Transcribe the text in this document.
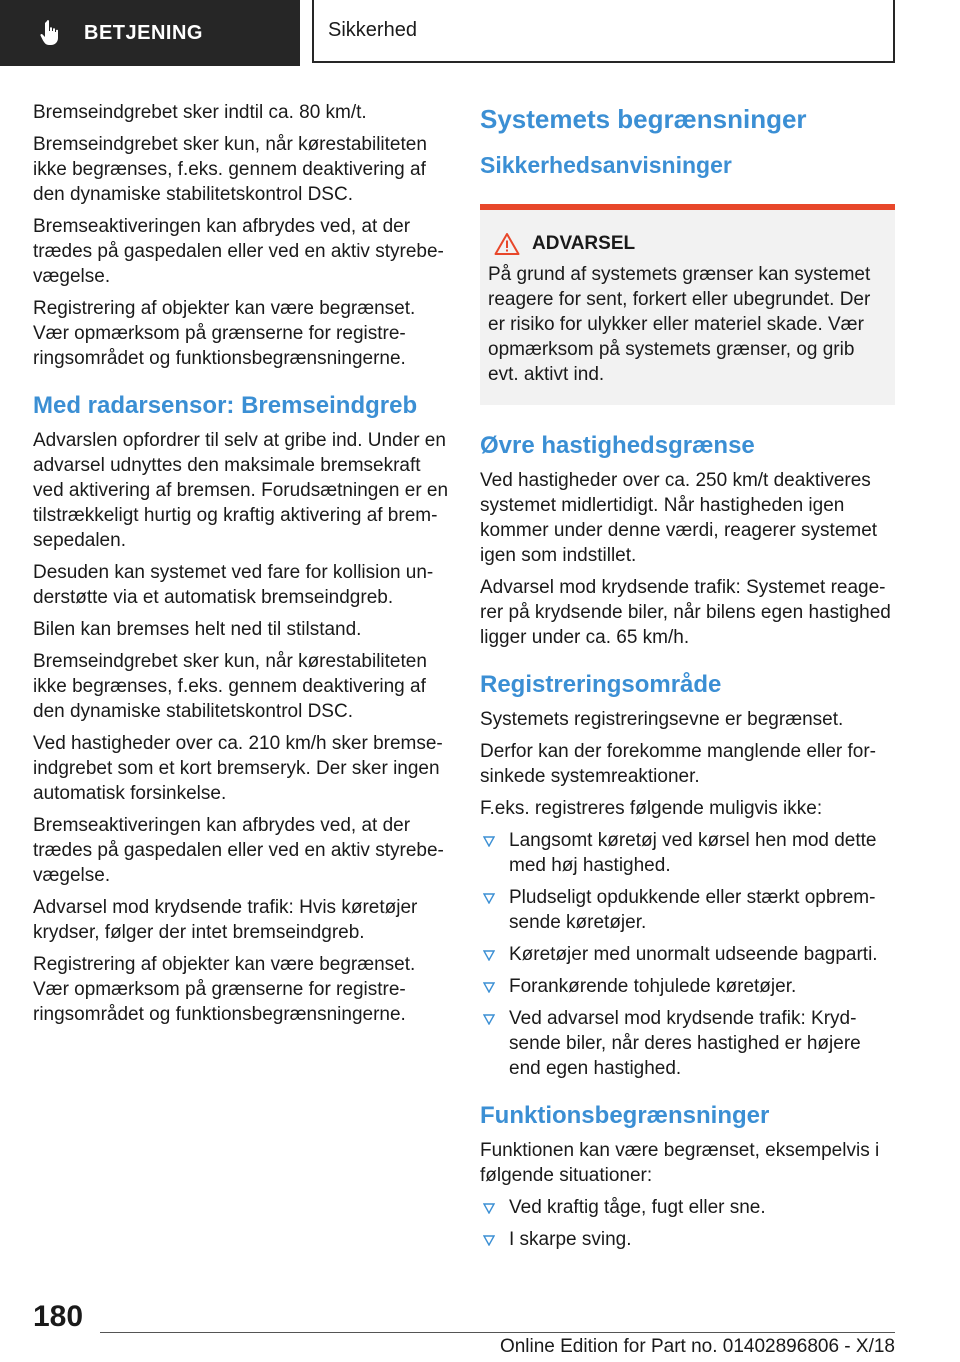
BETJENING	Sikkerhed

Bremseindgrebet sker indtil ca. 80 km/t.

Bremseindgrebet sker kun, når kørestabiliteten ikke begrænses, f.eks. gennem deaktivering af den dynamiske stabilitetskontrol DSC.

Bremseaktiveringen kan afbrydes ved, at der trædes på gaspedalen eller ved en aktiv styrebe‐vægelse.

Registrering af objekter kan være begrænset. Vær opmærksom på grænserne for registre‐ringsområdet og funktionsbegrænsningerne.

Med radarsensor: Bremseindgreb

Advarslen opfordrer til selv at gribe ind. Under en advarsel udnyttes den maksimale bremsekraft ved aktivering af bremsen. Forudsætningen er en tilstrækkeligt hurtig og kraftig aktivering af brem‐sepedalen.

Desuden kan systemet ved fare for kollision un‐derstøtte via et automatisk bremseindgreb.

Bilen kan bremses helt ned til stilstand.

Bremseindgrebet sker kun, når kørestabiliteten ikke begrænses, f.eks. gennem deaktivering af den dynamiske stabilitetskontrol DSC.

Ved hastigheder over ca. 210 km/h sker bremse‐indgrebet som et kort bremseryk. Der sker ingen automatisk forsinkelse.

Bremseaktiveringen kan afbrydes ved, at der trædes på gaspedalen eller ved en aktiv styrebe‐vægelse.

Advarsel mod krydsende trafik: Hvis køretøjer krydser, følger der intet bremseindgreb.

Registrering af objekter kan være begrænset. Vær opmærksom på grænserne for registre‐ringsområdet og funktionsbegrænsningerne.

Systemets begrænsninger
Sikkerhedsanvisninger
ADVARSEL

På grund af systemets grænser kan systemet reagere for sent, forkert eller ubegrundet. Der er risiko for ulykker eller materiel skade. Vær opmærksom på systemets grænser, og grib evt. aktivt ind.

Øvre hastighedsgrænse

Ved hastigheder over ca. 250 km/t deaktiveres systemet midlertidigt. Når hastigheden igen kommer under denne værdi, reagerer systemet igen som indstillet.

Advarsel mod krydsende trafik: Systemet reage‐rer på krydsende biler, når bilens egen hastighed ligger under ca. 65 km/h.

Registreringsområde

Systemets registreringsevne er begrænset.

Derfor kan der forekomme manglende eller for‐sinkede systemreaktioner.

F.eks. registreres følgende muligvis ikke:

Langsomt køretøj ved kørsel hen mod dette med høj hastighed.
Pludseligt opdukkende eller stærkt opbrem‐sende køretøjer.
Køretøjer med unormalt udseende bagparti.
Forankørende tohjulede køretøjer.
Ved advarsel mod krydsende trafik: Kryd‐sende biler, når deres hastighed er højere end egen hastighed.
Funktionsbegrænsninger

Funktionen kan være begrænset, eksempelvis i følgende situationer:

Ved kraftig tåge, fugt eller sne.
I skarpe sving.
180
Online Edition for Part no. 01402896806 - X/18
